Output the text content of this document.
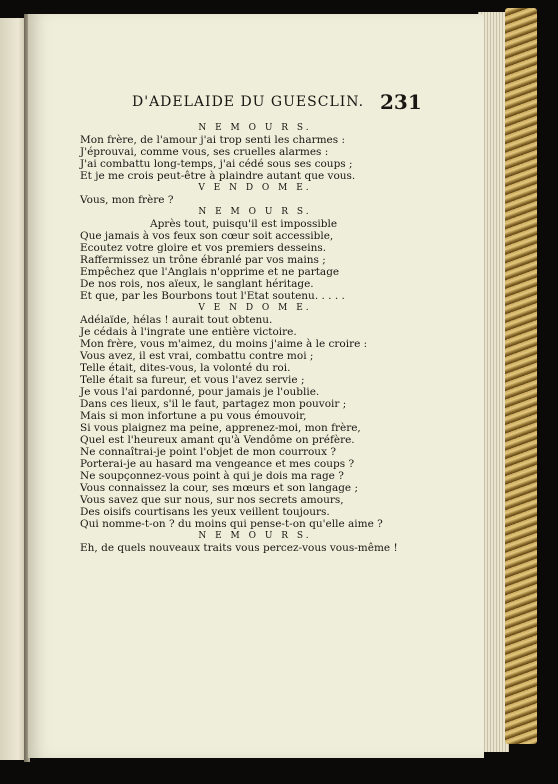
D'ADELAIDE DU GUESCLIN. 231
N E M O U R S.
Mon frère, de l'amour j'ai trop senti les charmes :
J'éprouvai, comme vous, ses cruelles alarmes :
J'ai combattu long-temps, j'ai cédé sous ses coups ;
Et je me crois peut-être à plaindre autant que vous.
V E N D O M E.
Vous, mon frère ?
N E M O U R S.
Après tout, puisqu'il est impossible
Que jamais à vos feux son cœur soit accessible,
Ecoutez votre gloire et vos premiers desseins.
Raffermissez un trône ébranlé par vos mains ;
Empêchez que l'Anglais n'opprime et ne partage
De nos rois, nos aïeux, le sanglant héritage.
Et que, par les Bourbons tout l'Etat soutenu. . . . .
V E N D O M E.
Adélaïde, hélas ! aurait tout obtenu.
Je cédais à l'ingrate une entière victoire.
Mon frère, vous m'aimez, du moins j'aime à le croire :
Vous avez, il est vrai, combattu contre moi ;
Telle était, dites-vous, la volonté du roi.
Telle était sa fureur, et vous l'avez servie ;
Je vous l'ai pardonné, pour jamais je l'oublie.
Dans ces lieux, s'il le faut, partagez mon pouvoir ;
Mais si mon infortune a pu vous émouvoir,
Si vous plaignez ma peine, apprenez-moi, mon frère,
Quel est l'heureux amant qu'à Vendôme on préfère.
Ne connaîtrai-je point l'objet de mon courroux ?
Porterai-je au hasard ma vengeance et mes coups ?
Ne soupçonnez-vous point à qui je dois ma rage ?
Vous connaissez la cour, ses mœurs et son langage ;
Vous savez que sur nous, sur nos secrets amours,
Des oisifs courtisans les yeux veillent toujours.
Qui nomme-t-on ? du moins qui pense-t-on qu'elle aime ?
N E M O U R S.
Eh, de quels nouveaux traits vous percez-vous vous-même !
